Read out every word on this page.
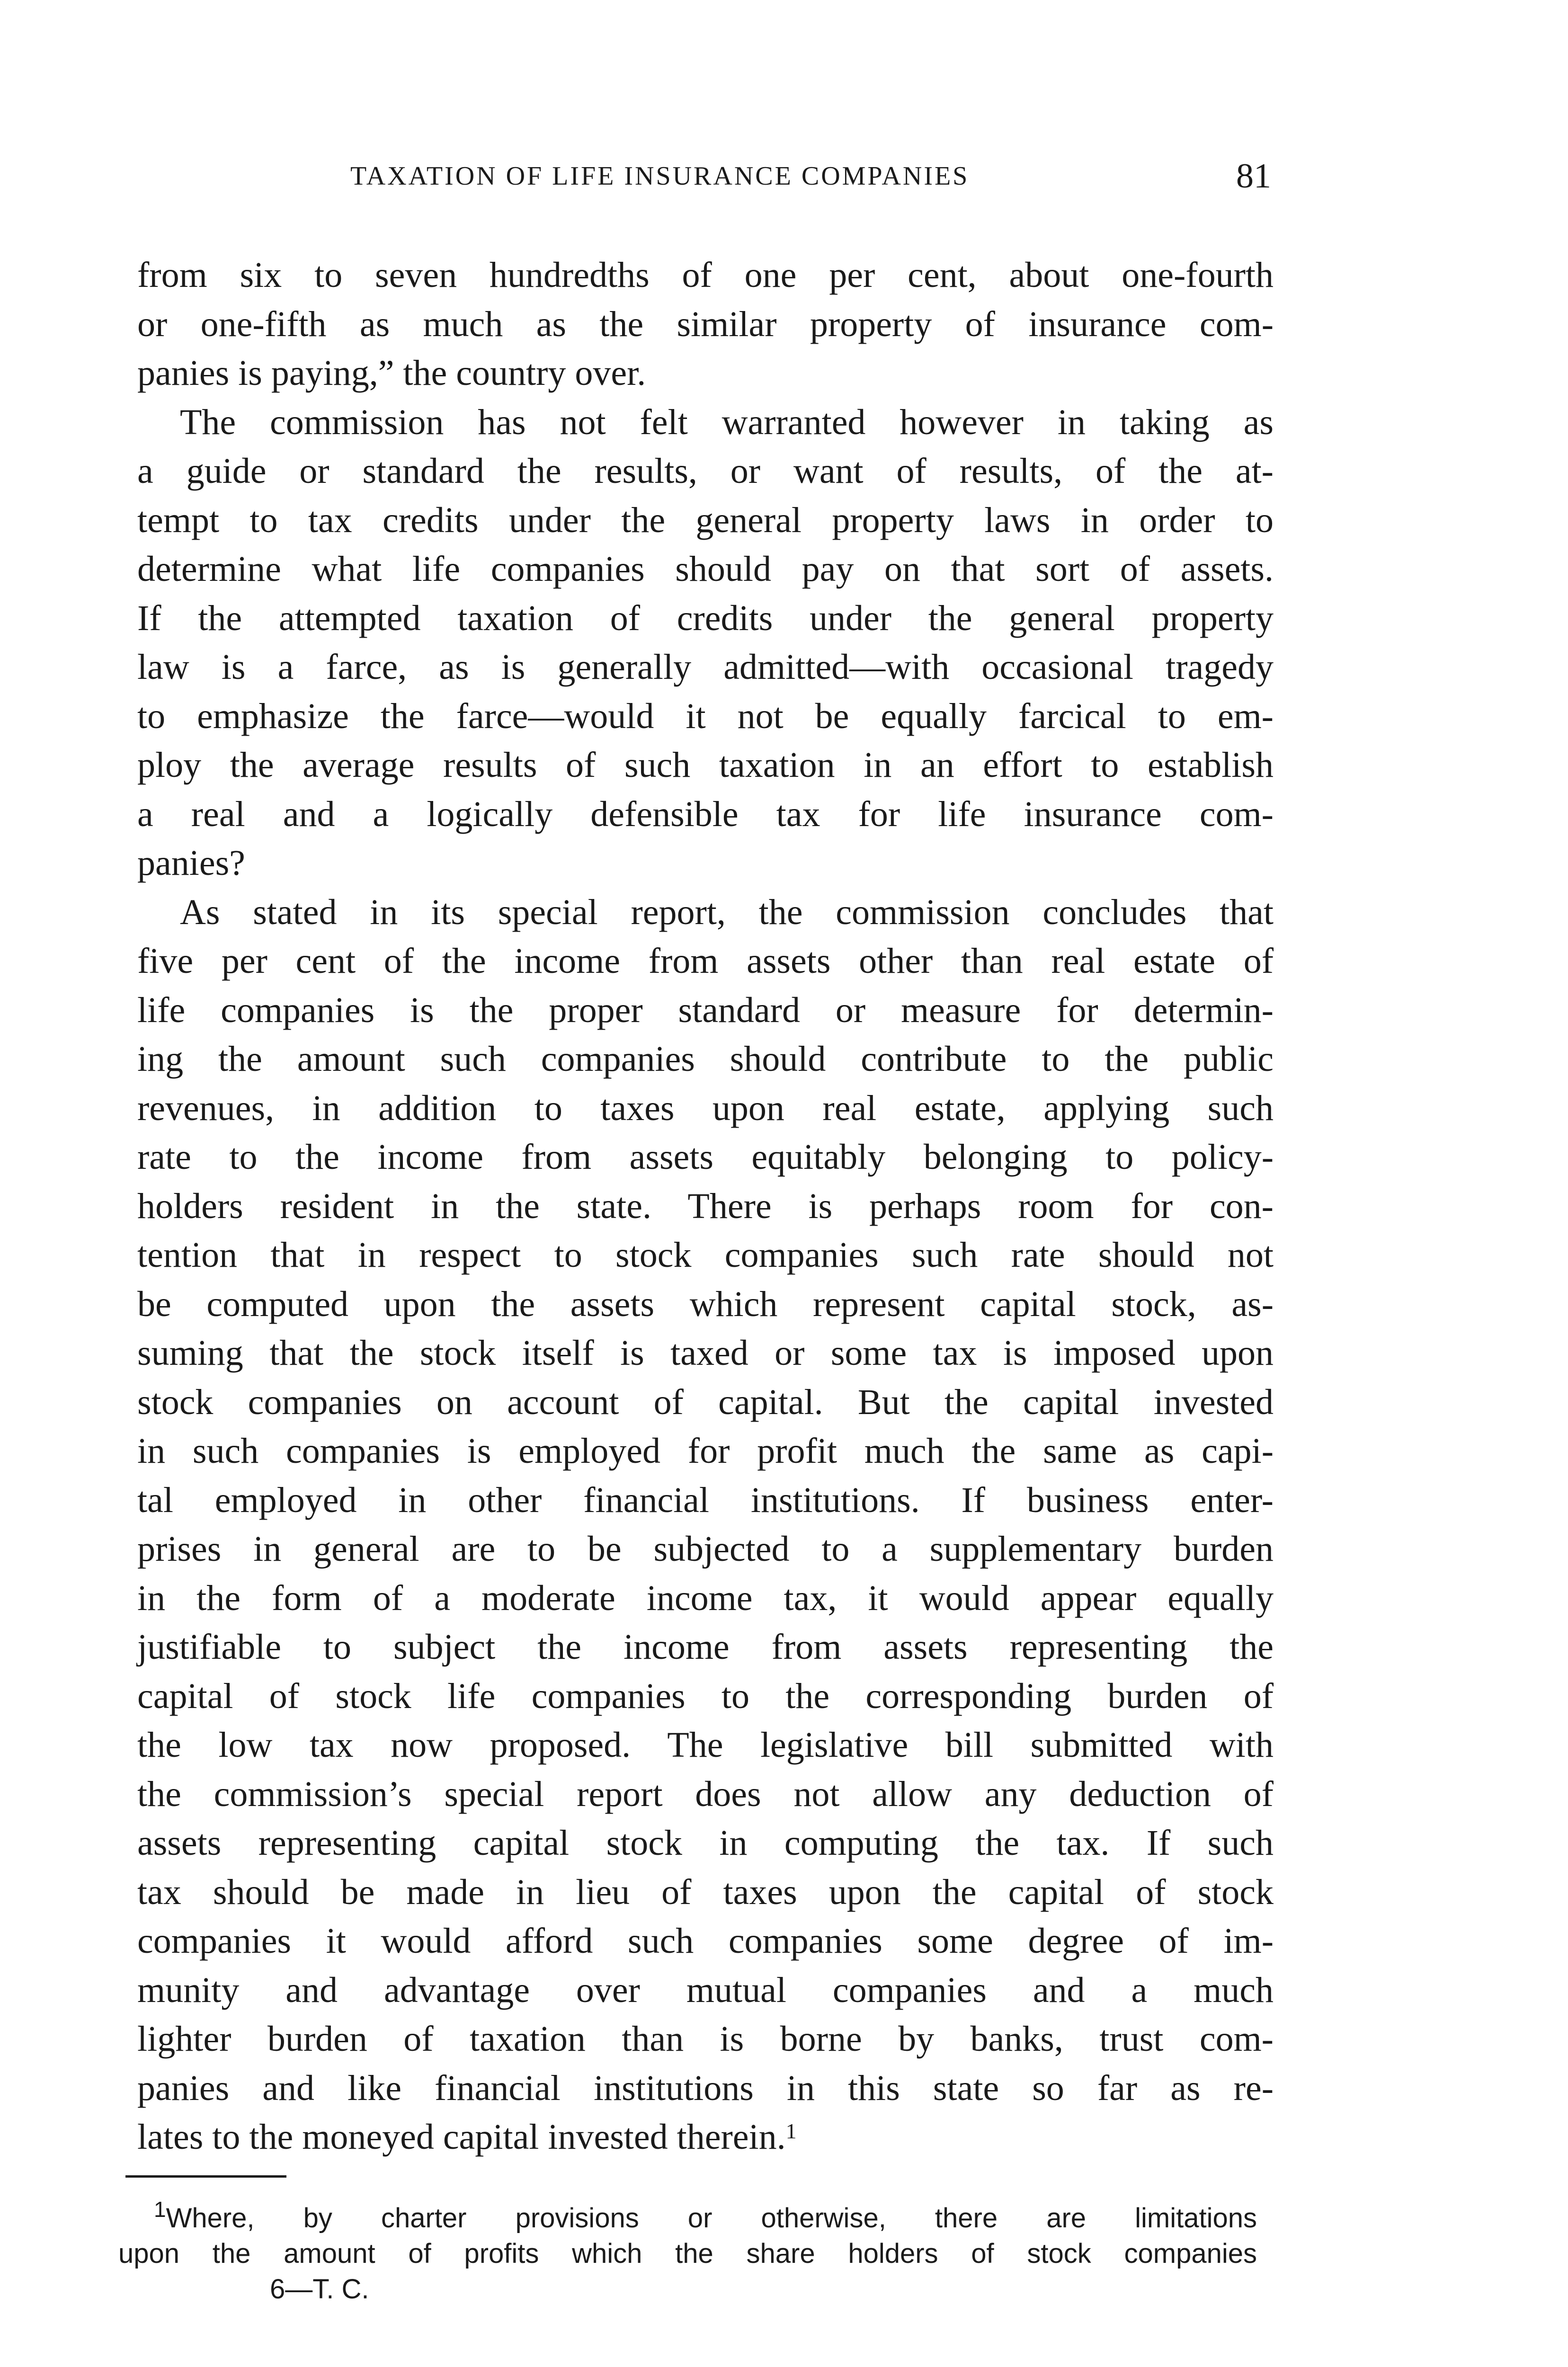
TAXATION OF LIFE INSURANCE COMPANIES	81
from six to seven hundredths of one per cent, about one-fourth
or one-fifth as much as the similar property of insurance com-
panies is paying,” the country over.
The commission has not felt warranted however in taking as
a guide or standard the results, or want of results, of the at-
tempt to tax credits under the general property laws in order to
determine what life companies should pay on that sort of assets.
If the attempted taxation of credits under the general property
law is a farce, as is generally admitted—with occasional tragedy
to emphasize the farce—would it not be equally farcical to em-
ploy the average results of such taxation in an effort to establish
a real and a logically defensible tax for life insurance com-
panies?
As stated in its special report, the commission concludes that
five per cent of the income from assets other than real estate of
life companies is the proper standard or measure for determin-
ing the amount such companies should contribute to the public
revenues, in addition to taxes upon real estate, applying such
rate to the income from assets equitably belonging to policy-
holders resident in the state. There is perhaps room for con-
tention that in respect to stock companies such rate should not
be computed upon the assets which represent capital stock, as-
suming that the stock itself is taxed or some tax is imposed upon
stock companies on account of capital. But the capital invested
in such companies is employed for profit much the same as capi-
tal employed in other financial institutions. If business enter-
prises in general are to be subjected to a supplementary burden
in the form of a moderate income tax, it would appear equally
justifiable to subject the income from assets representing the
capital of stock life companies to the corresponding burden of
the low tax now proposed. The legislative bill submitted with
the commission’s special report does not allow any deduction of
assets representing capital stock in computing the tax. If such
tax should be made in lieu of taxes upon the capital of stock
companies it would afford such companies some degree of im-
munity and advantage over mutual companies and a much
lighter burden of taxation than is borne by banks, trust com-
panies and like financial institutions in this state so far as re-
lates to the moneyed capital invested therein.$^1$
$^1$Where, by charter provisions or otherwise, there are limitations
upon the amount of profits which the share holders of stock companies
6—T. C.
